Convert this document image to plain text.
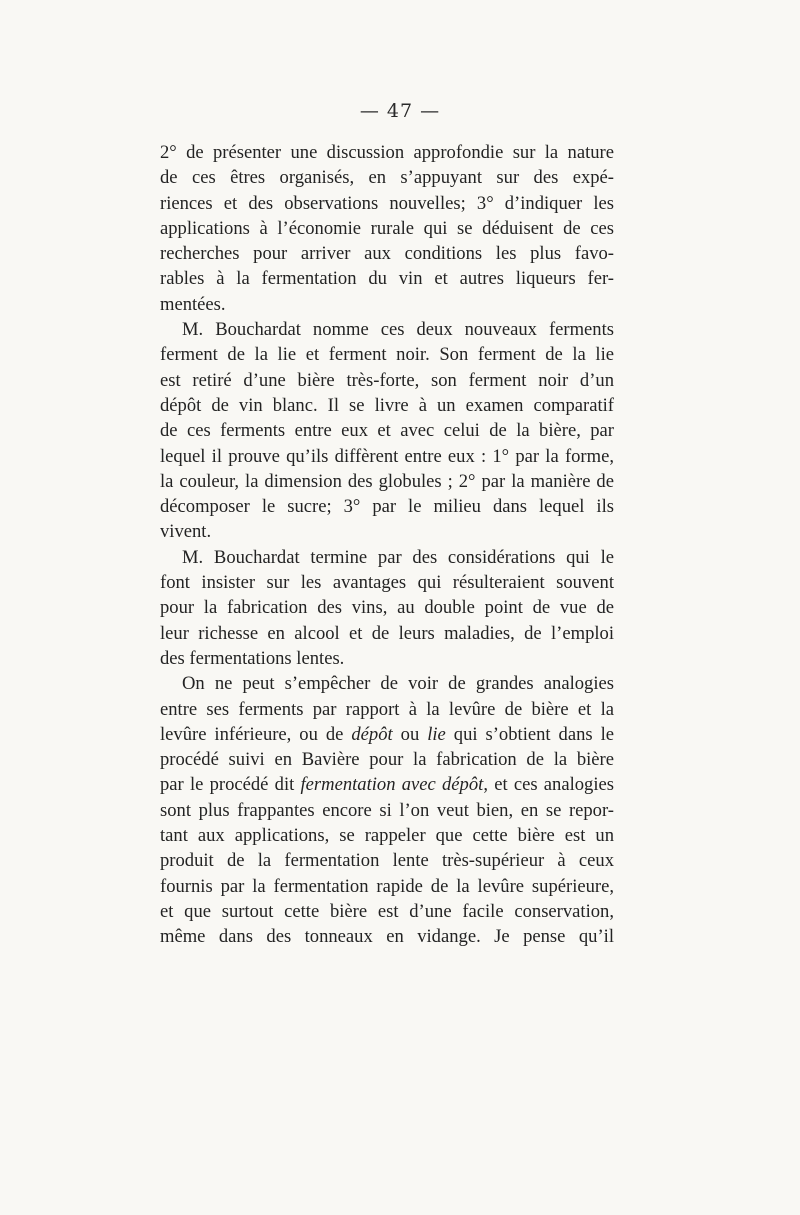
— 47 —
2° de présenter une discussion approfondie sur la nature
de ces êtres organisés, en s’appuyant sur des expé-
riences et des observations nouvelles; 3° d’indiquer les
applications à l’économie rurale qui se déduisent de ces
recherches pour arriver aux conditions les plus favo-
rables à la fermentation du vin et autres liqueurs fer-
mentées.
M. Bouchardat nomme ces deux nouveaux ferments
ferment de la lie et ferment noir. Son ferment de la lie
est retiré d’une bière très-forte, son ferment noir d’un
dépôt de vin blanc. Il se livre à un examen comparatif
de ces ferments entre eux et avec celui de la bière, par
lequel il prouve qu’ils diffèrent entre eux : 1° par la forme,
la couleur, la dimension des globules ; 2° par la manière de
décomposer le sucre; 3° par le milieu dans lequel ils
vivent.
M. Bouchardat termine par des considérations qui le
font insister sur les avantages qui résulteraient souvent
pour la fabrication des vins, au double point de vue de
leur richesse en alcool et de leurs maladies, de l’emploi
des fermentations lentes.
On ne peut s’empêcher de voir de grandes analogies
entre ses ferments par rapport à la levûre de bière et la
levûre inférieure, ou de dépôt ou lie qui s’obtient dans le
procédé suivi en Bavière pour la fabrication de la bière
par le procédé dit fermentation avec dépôt, et ces analogies
sont plus frappantes encore si l’on veut bien, en se repor-
tant aux applications, se rappeler que cette bière est un
produit de la fermentation lente très-supérieur à ceux
fournis par la fermentation rapide de la levûre supérieure,
et que surtout cette bière est d’une facile conservation,
même dans des tonneaux en vidange. Je pense qu’il
